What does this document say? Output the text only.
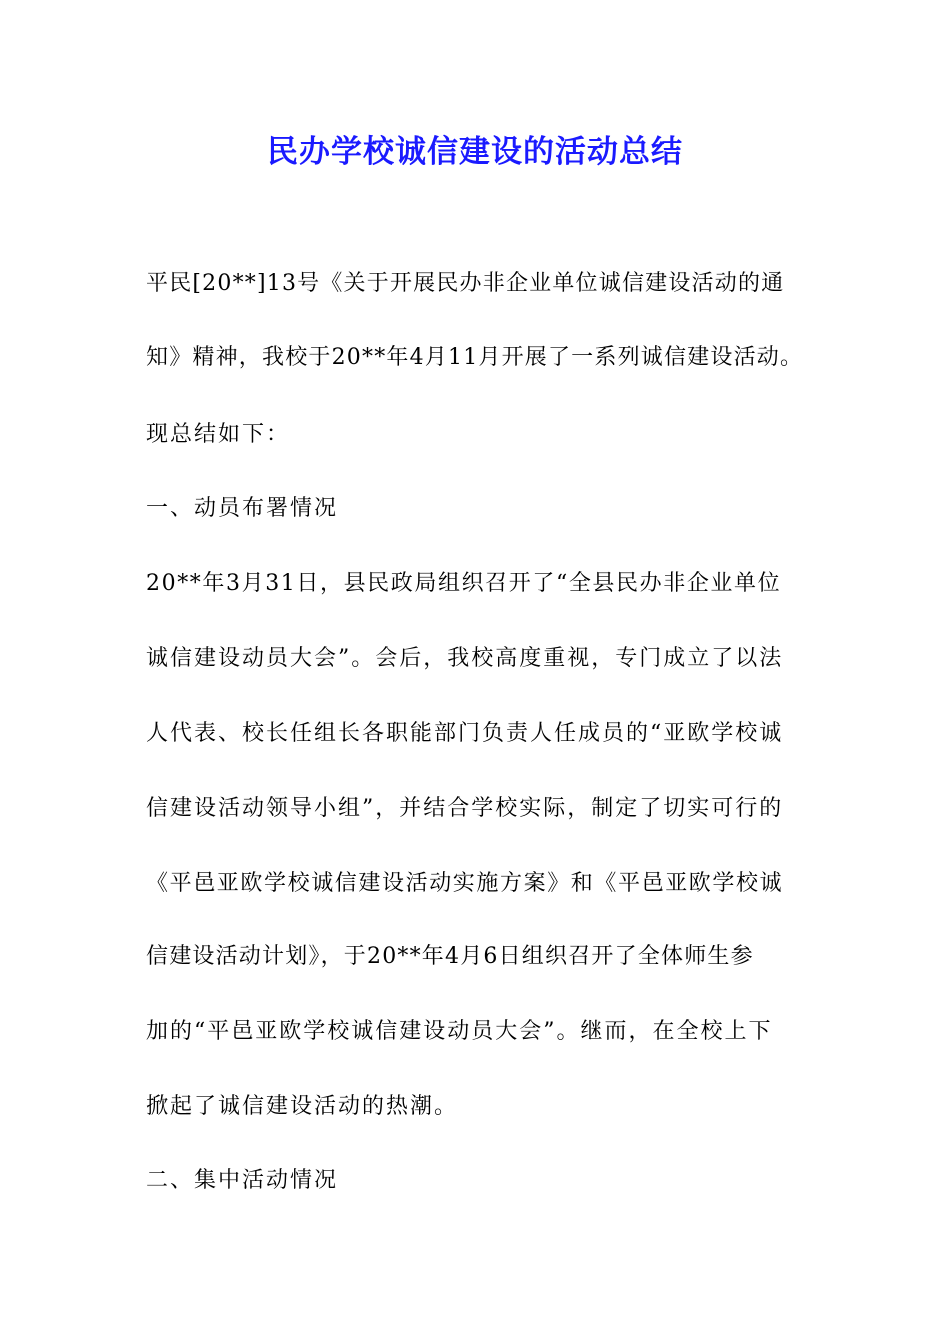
民办学校诚信建设的活动总结
平民[20**]13号《关于开展民办非企业单位诚信建设活动的通
知》精神，我校于20**年4月11月开展了一系列诚信建设活动。
现总结如下：
一、动员布署情况
20**年3月31日，县民政局组织召开了“全县民办非企业单位
诚信建设动员大会”。会后，我校高度重视，专门成立了以法
人代表、校长任组长各职能部门负责人任成员的“亚欧学校诚
信建设活动领导小组”，并结合学校实际，制定了切实可行的
《平邑亚欧学校诚信建设活动实施方案》和《平邑亚欧学校诚
信建设活动计划》，于20**年4月6日组织召开了全体师生参
加的“平邑亚欧学校诚信建设动员大会”。继而，在全校上下
掀起了诚信建设活动的热潮。
二、集中活动情况
